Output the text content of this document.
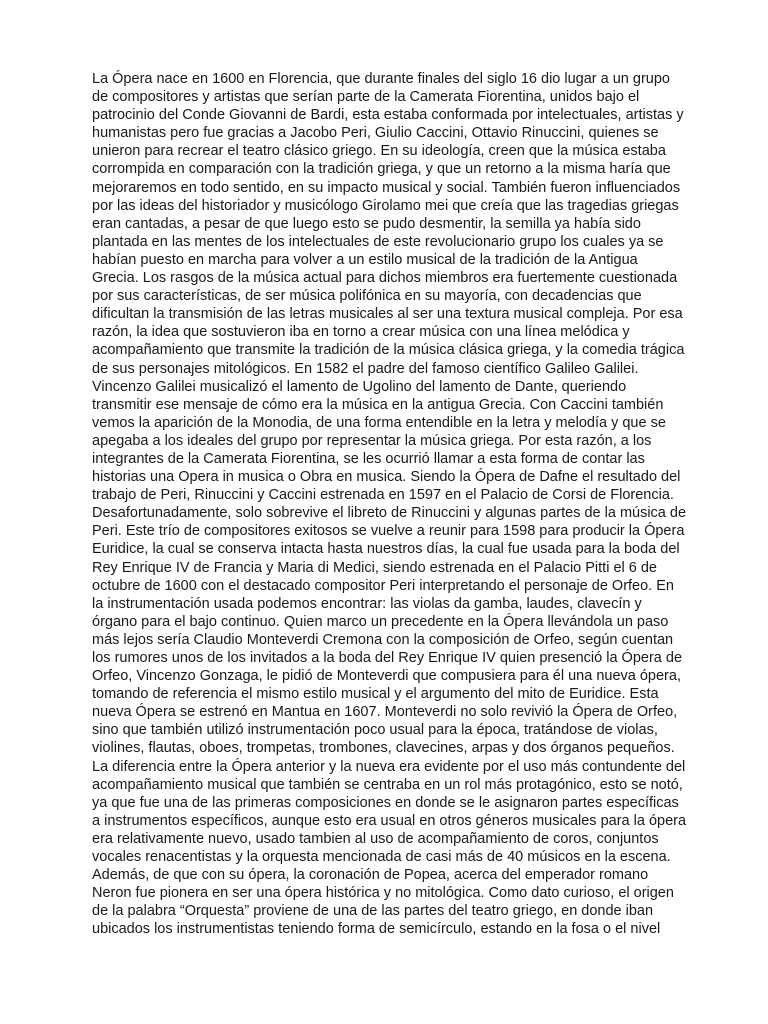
La Ópera nace en 1600 en Florencia, que durante finales del siglo 16 dio lugar a un grupo
de compositores y artistas que serían parte de la Camerata Fiorentina, unidos bajo el
patrocinio del Conde Giovanni de Bardi, esta estaba conformada por intelectuales, artistas y
humanistas pero fue gracias a Jacobo Peri, Giulio Caccini, Ottavio Rinuccini, quienes se
unieron para recrear el teatro clásico griego. En su ideología, creen que la música estaba
corrompida en comparación con la tradición griega, y que un retorno a la misma haría que
mejoraremos en todo sentido, en su impacto musical y social. También fueron influenciados
por las ideas del historiador y musicólogo Girolamo mei que creía que las tragedias griegas
eran cantadas, a pesar de que luego esto se pudo desmentir, la semilla ya había sido
plantada en las mentes de los intelectuales de este revolucionario grupo los cuales ya se
habían puesto en marcha para volver a un estilo musical de la tradición de la Antigua
Grecia. Los rasgos de la música actual para dichos miembros era fuertemente cuestionada
por sus características, de ser música polifónica en su mayoría, con decadencias que
dificultan la transmisión de las letras musicales al ser una textura musical compleja. Por esa
razón, la idea que sostuvieron iba en torno a crear música con una línea melódica y
acompañamiento que transmite la tradición de la música clásica griega, y la comedia trágica
de sus personajes mitológicos. En 1582 el padre del famoso científico Galileo Galilei.
Vincenzo Galilei musicalizó el lamento de Ugolino del lamento de Dante, queriendo
transmitir ese mensaje de cómo era la música en la antigua Grecia. Con Caccini también
vemos la aparición de la Monodia, de una forma entendible en la letra y melodía y que se
apegaba a los ideales del grupo por representar la música griega. Por esta razón, a los
integrantes de la Camerata Fiorentina, se les ocurrió llamar a esta forma de contar las
historias una Opera in musica o Obra en musica. Siendo la Ópera de Dafne el resultado del
trabajo de Peri, Rinuccini y Caccini estrenada en 1597 en el Palacio de Corsi de Florencia.
Desafortunadamente, solo sobrevive el libreto de Rinuccini y algunas partes de la música de
Peri. Este trío de compositores exitosos se vuelve a reunir para 1598 para producir la Ópera
Euridice, la cual se conserva intacta hasta nuestros días, la cual fue usada para la boda del
Rey Enrique IV de Francia y Maria di Medici, siendo estrenada en el Palacio Pitti el 6 de
octubre de 1600 con el destacado compositor Peri interpretando el personaje de Orfeo. En
la instrumentación usada podemos encontrar: las violas da gamba, laudes, clavecín y
órgano para el bajo continuo. Quien marco un precedente en la Ópera llevándola un paso
más lejos sería Claudio Monteverdi Cremona con la composición de Orfeo, según cuentan
los rumores unos de los invitados a la boda del Rey Enrique IV quien presenció la Ópera de
Orfeo, Vincenzo Gonzaga, le pidió de Monteverdi que compusiera para él una nueva ópera,
tomando de referencia el mismo estilo musical y el argumento del mito de Euridice. Esta
nueva Ópera se estrenó en Mantua en 1607. Monteverdi no solo revivió la Ópera de Orfeo,
sino que también utilizó instrumentación poco usual para la época, tratándose de violas,
violines, flautas, oboes, trompetas, trombones, clavecines, arpas y dos órganos pequeños.
La diferencia entre la Ópera anterior y la nueva era evidente por el uso más contundente del
acompañamiento musical que también se centraba en un rol más protagónico, esto se notó,
ya que fue una de las primeras composiciones en donde se le asignaron partes específicas
a instrumentos específicos, aunque esto era usual en otros géneros musicales para la ópera
era relativamente nuevo, usado tambien al uso de acompañamiento de coros, conjuntos
vocales renacentistas y la orquesta mencionada de casi más de 40 músicos en la escena.
Además, de que con su ópera, la coronación de Popea, acerca del emperador romano
Neron fue pionera en ser una ópera histórica y no mitológica. Como dato curioso, el origen
de la palabra “Orquesta” proviene de una de las partes del teatro griego, en donde iban
ubicados los instrumentistas teniendo forma de semicírculo, estando en la fosa o el nivel
